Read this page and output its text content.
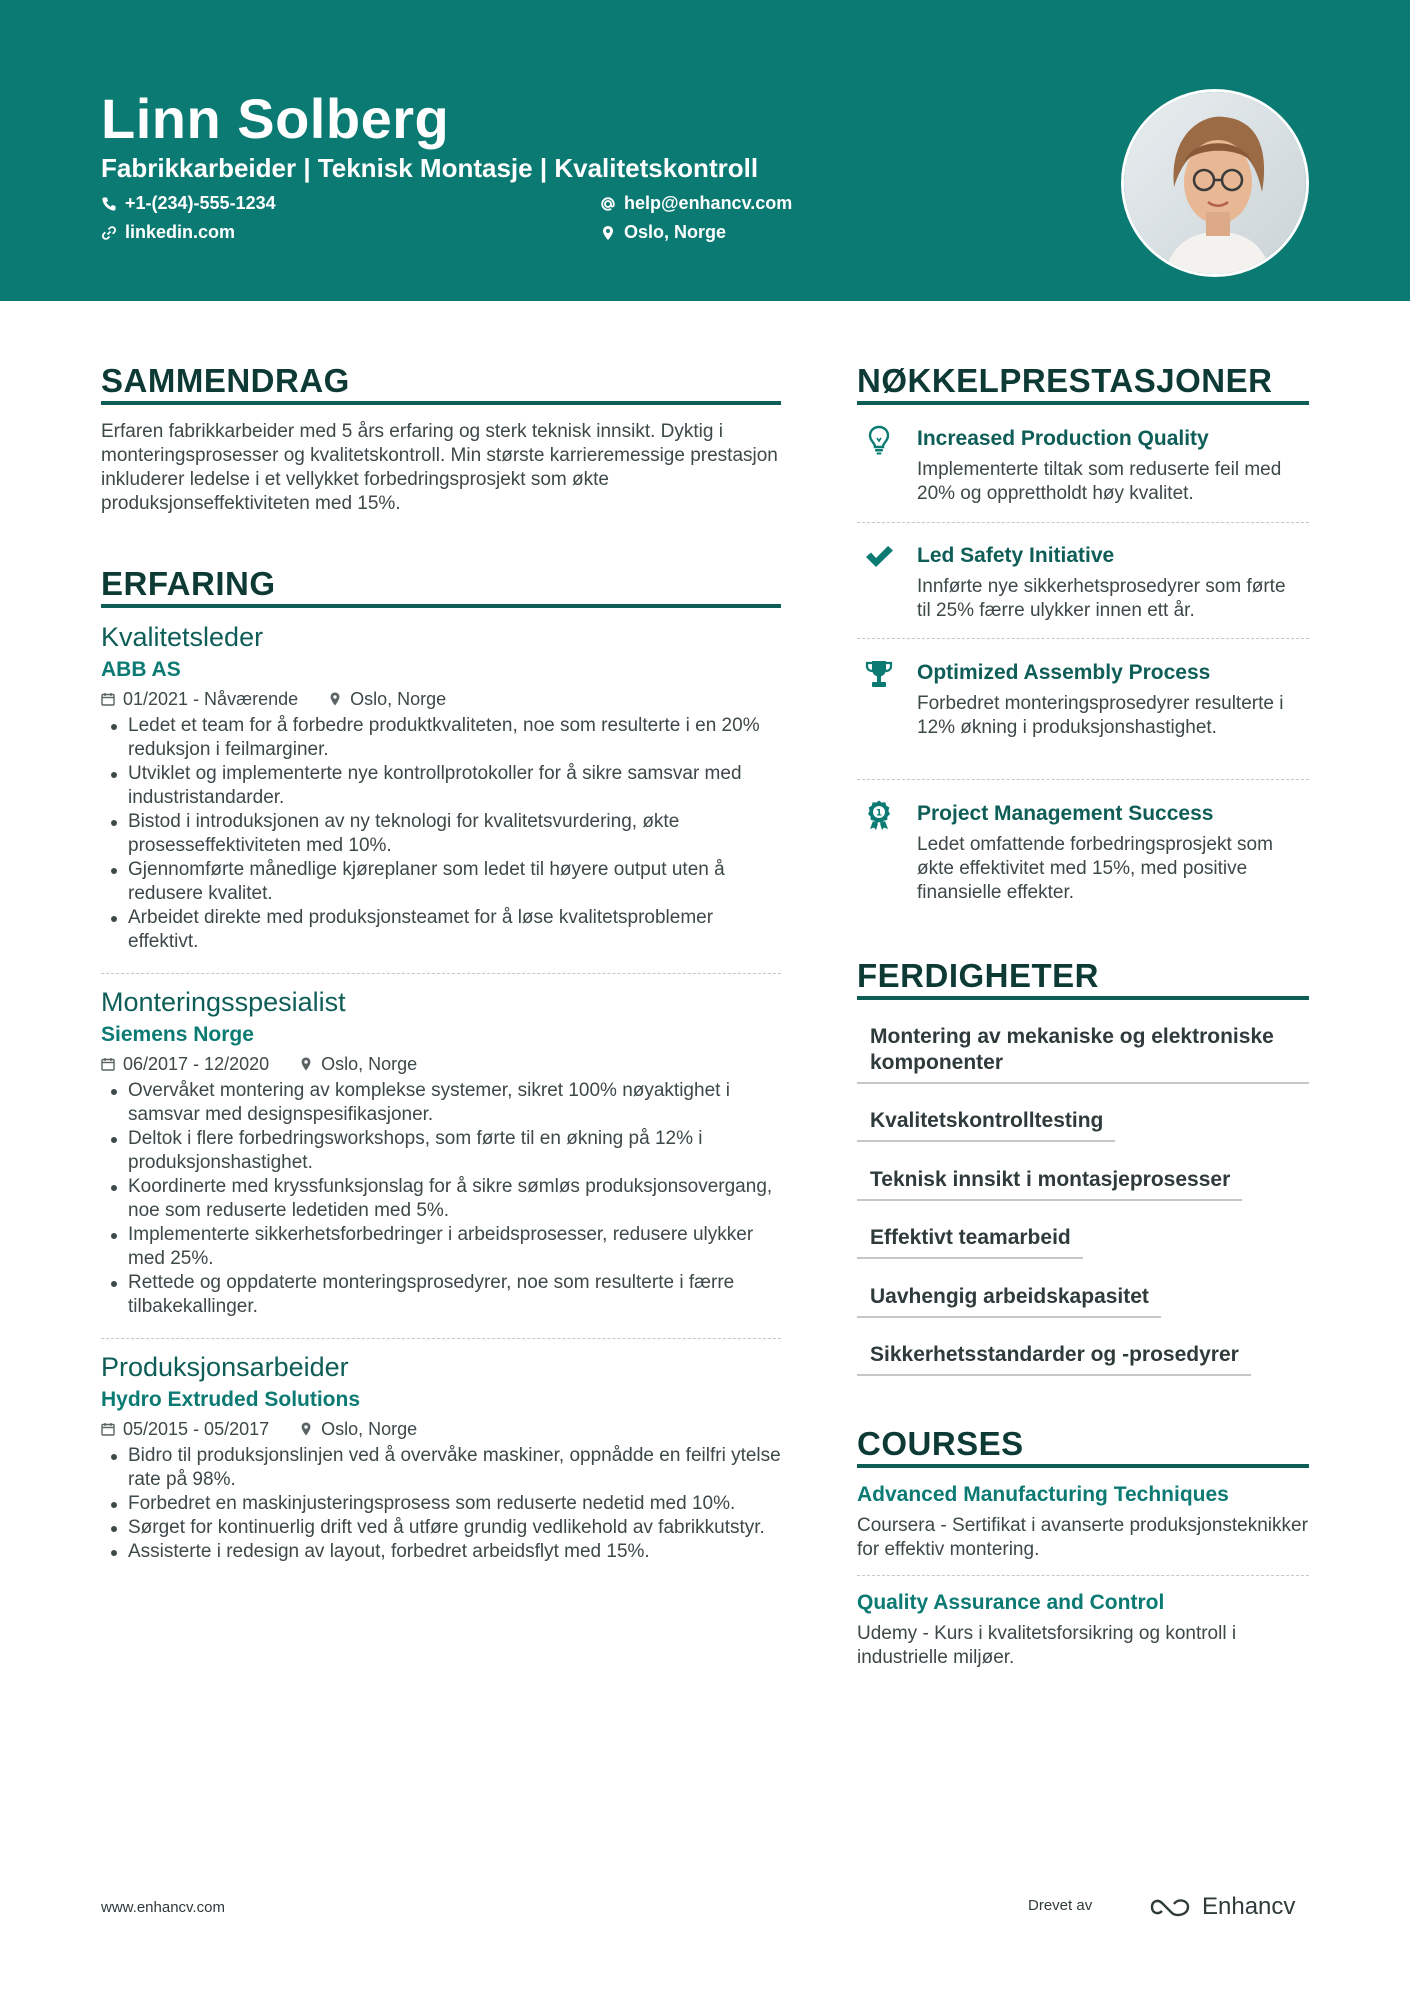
Linn Solberg
Fabrikkarbeider | Teknisk Montasje | Kvalitetskontroll
+1-(234)-555-1234	help@enhancv.com
linkedin.com	Oslo, Norge
SAMMENDRAG
Erfaren fabrikkarbeider med 5 års erfaring og sterk teknisk innsikt. Dyktig i monteringsprosesser og kvalitetskontroll. Min største karrieremessige prestasjon inkluderer ledelse i et vellykket forbedringsprosjekt som økte produksjonseffektiviteten med 15%.
ERFARING
Kvalitetsleder
ABB AS
01/2021 - Nåværende	Oslo, Norge
Ledet et team for å forbedre produktkvaliteten, noe som resulterte i en 20% reduksjon i feilmarginer.
Utviklet og implementerte nye kontrollprotokoller for å sikre samsvar med industristandarder.
Bistod i introduksjonen av ny teknologi for kvalitetsvurdering, økte prosesseffektiviteten med 10%.
Gjennomførte månedlige kjøreplaner som ledet til høyere output uten å redusere kvalitet.
Arbeidet direkte med produksjonsteamet for å løse kvalitetsproblemer effektivt.
Monteringsspesialist
Siemens Norge
06/2017 - 12/2020	Oslo, Norge
Overvåket montering av komplekse systemer, sikret 100% nøyaktighet i samsvar med designspesifikasjoner.
Deltok i flere forbedringsworkshops, som førte til en økning på 12% i produksjonshastighet.
Koordinerte med kryssfunksjonslag for å sikre sømløs produksjonsovergang, noe som reduserte ledetiden med 5%.
Implementerte sikkerhetsforbedringer i arbeidsprosesser, redusere ulykker med 25%.
Rettede og oppdaterte monteringsprosedyrer, noe som resulterte i færre tilbakekallinger.
Produksjonsarbeider
Hydro Extruded Solutions
05/2015 - 05/2017	Oslo, Norge
Bidro til produksjonslinjen ved å overvåke maskiner, oppnådde en feilfri ytelse rate på 98%.
Forbedret en maskinjusteringsprosess som reduserte nedetid med 10%.
Sørget for kontinuerlig drift ved å utføre grundig vedlikehold av fabrikkutstyr.
Assisterte i redesign av layout, forbedret arbeidsflyt med 15%.
NØKKELPRESTASJONER
Increased Production Quality
Implementerte tiltak som reduserte feil med 20% og opprettholdt høy kvalitet.
Led Safety Initiative
Innførte nye sikkerhetsprosedyrer som førte til 25% færre ulykker innen ett år.
Optimized Assembly Process
Forbedret monteringsprosedyrer resulterte i 12% økning i produksjonshastighet.
1 Project Management Success
Ledet omfattende forbedringsprosjekt som økte effektivitet med 15%, med positive finansielle effekter.
FERDIGHETER
Montering av mekaniske og elektroniske komponenter
Kvalitetskontrolltesting
Teknisk innsikt i montasjeprosesser
Effektivt teamarbeid
Uavhengig arbeidskapasitet
Sikkerhetsstandarder og -prosedyrer
COURSES
Advanced Manufacturing Techniques
Coursera - Sertifikat i avanserte produksjonsteknikker for effektiv montering.
Quality Assurance and Control
Udemy - Kurs i kvalitetsforsikring og kontroll i industrielle miljøer.
www.enhancv.com	Drevet av	Enhancv
